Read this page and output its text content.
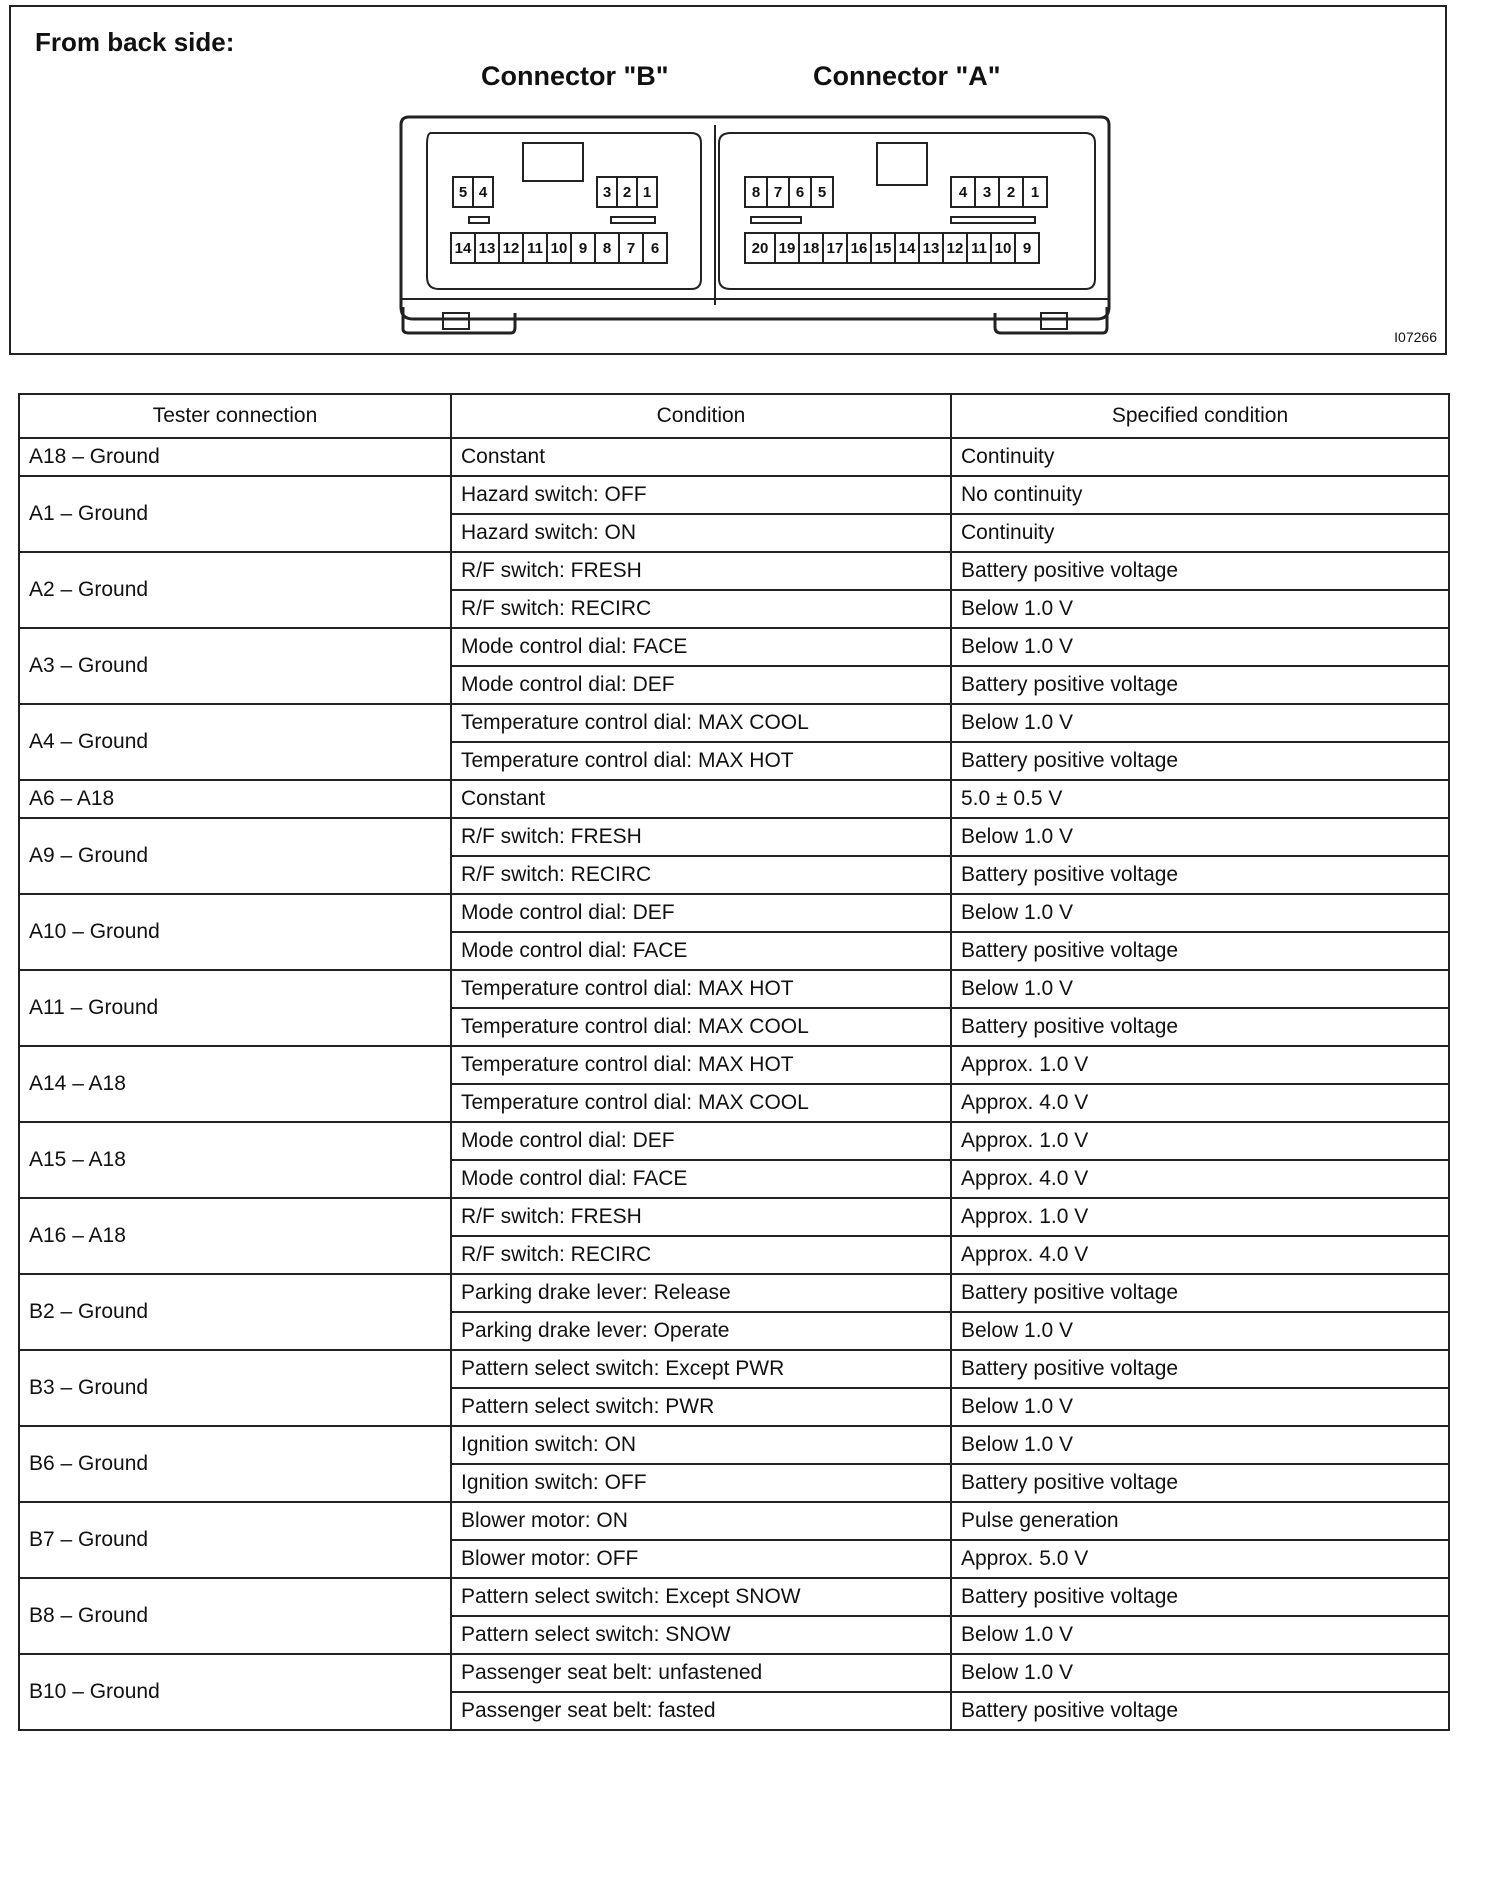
From back side:
Connector "B"	Connector "A"
5 4	3 2 1
14 13 12 11 10 9 8 7 6
8 7 6 5	4 3 2 1
20 19 18 17 16 15 14 13 12 11 10 9
I07266
Tester connection	Condition	Specified condition
A18 – Ground	Constant	Continuity
A1 – Ground	Hazard switch: OFF	No continuity
	Hazard switch: ON	Continuity
A2 – Ground	R/F switch: FRESH	Battery positive voltage
	R/F switch: RECIRC	Below 1.0 V
A3 – Ground	Mode control dial: FACE	Below 1.0 V
	Mode control dial: DEF	Battery positive voltage
A4 – Ground	Temperature control dial: MAX COOL	Below 1.0 V
	Temperature control dial: MAX HOT	Battery positive voltage
A6 – A18	Constant	5.0 ± 0.5 V
A9 – Ground	R/F switch: FRESH	Below 1.0 V
	R/F switch: RECIRC	Battery positive voltage
A10 – Ground	Mode control dial: DEF	Below 1.0 V
	Mode control dial: FACE	Battery positive voltage
A11 – Ground	Temperature control dial: MAX HOT	Below 1.0 V
	Temperature control dial: MAX COOL	Battery positive voltage
A14 – A18	Temperature control dial: MAX HOT	Approx. 1.0 V
	Temperature control dial: MAX COOL	Approx. 4.0 V
A15 – A18	Mode control dial: DEF	Approx. 1.0 V
	Mode control dial: FACE	Approx. 4.0 V
A16 – A18	R/F switch: FRESH	Approx. 1.0 V
	R/F switch: RECIRC	Approx. 4.0 V
B2 – Ground	Parking drake lever: Release	Battery positive voltage
	Parking drake lever: Operate	Below 1.0 V
B3 – Ground	Pattern select switch: Except PWR	Battery positive voltage
	Pattern select switch: PWR	Below 1.0 V
B6 – Ground	Ignition switch: ON	Below 1.0 V
	Ignition switch: OFF	Battery positive voltage
B7 – Ground	Blower motor: ON	Pulse generation
	Blower motor: OFF	Approx. 5.0 V
B8 – Ground	Pattern select switch: Except SNOW	Battery positive voltage
	Pattern select switch: SNOW	Below 1.0 V
B10 – Ground	Passenger seat belt: unfastened	Below 1.0 V
	Passenger seat belt: fasted	Battery positive voltage
